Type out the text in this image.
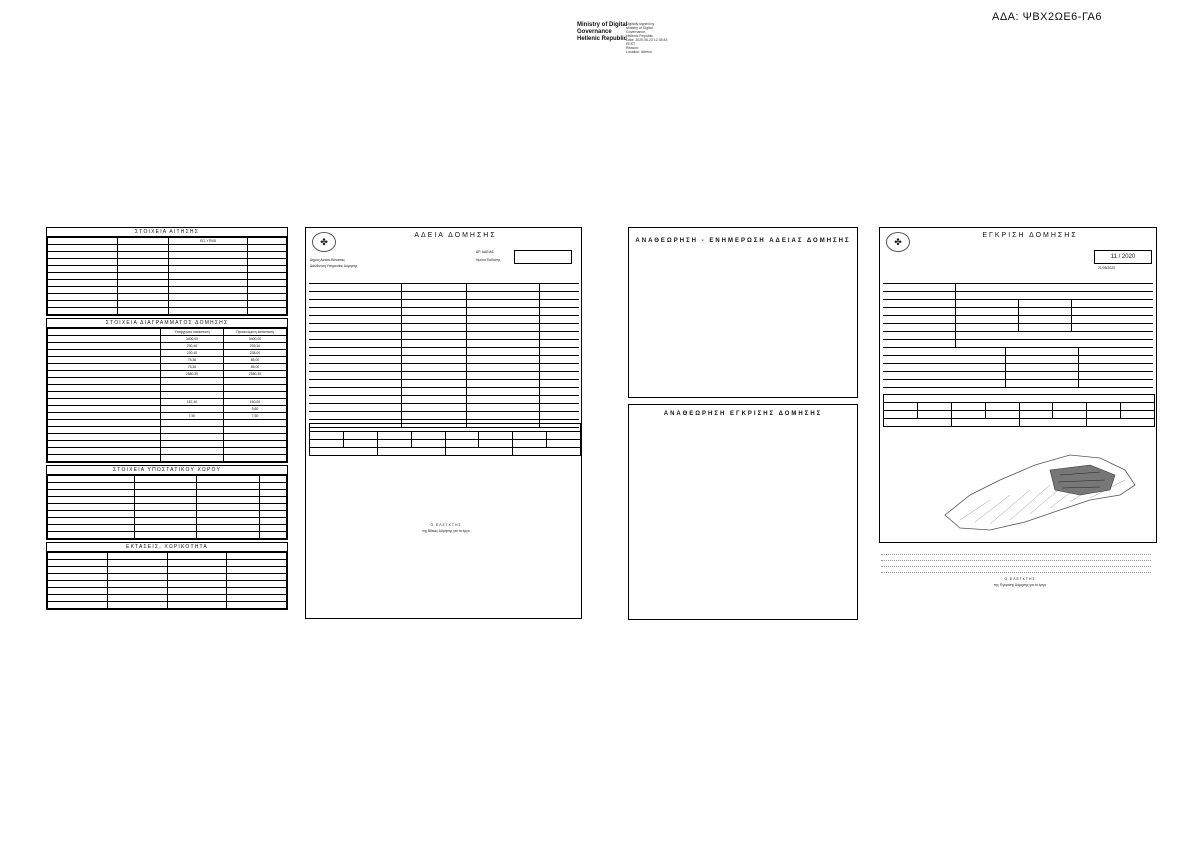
ΑΔΑ: ΨΒΧ2ΩΕ6-ΓΑ6
Ministry of Digital
Governance
Hellenic Republic
Digitally signed by
Ministry of Digital
Governance,
Hellenic Republic
Date: 2020.06.23 12:35:45
EEST
Reason:
Location: Athens
ΣΤΟΙΧΕΙΑ ΑΙΤΗΣΗΣ
		ΕΙΣ-ΥΠ/08	

ΣΤΟΙΧΕΙΑ ΔΙΑΓΡΑΜΜΑΤΟΣ ΔΟΜΗΣΗΣ
	Υπάρχουσα κατάσταση	Προτεινόμενη κατάσταση
	3400,00	3400,00
	230,40	239,10
	230,40	238,00
	75,36	85,00
	75,36	85,00
	2580,30	2580,30

	187,40	150,00
		9,60
	7,50	7,50

ΣΤΟΙΧΕΙΑ ΥΠΟΣΤΑΤΙΚΟΥ ΧΩΡΟΥ

ΕΚΤΑΣΕΙΣ, ΧΩΡΙΚΟΤΗΤΑ

✤
ΑΔΕΙΑ ΔΟΜΗΣΗΣ
ΑΡ. ΑΔΕΙΑΣ
Ημ/νια Έκδοσης
Δήμος Ακτίου-Βόνιτσας
Διεύθυνση Υπηρεσίας Δόμησης
Ο ΕΛΕΓΚΤΗΣ
της Άδειας Δόμησης για το έργο
ΑΝΑΘΕΩΡΗΣΗ - ΕΝΗΜΕΡΩΣΗ ΑΔΕΙΑΣ ΔΟΜΗΣΗΣ
ΑΝΑΘΕΩΡΗΣΗ ΕΓΚΡΙΣΗΣ ΔΟΜΗΣΗΣ
✤
ΕΓΚΡΙΣΗ ΔΟΜΗΣΗΣ
11 / 2020
21/05/2020
Ο ΕΛΕΓΚΤΗΣ
της Έγκρισης Δόμησης για το έργο
